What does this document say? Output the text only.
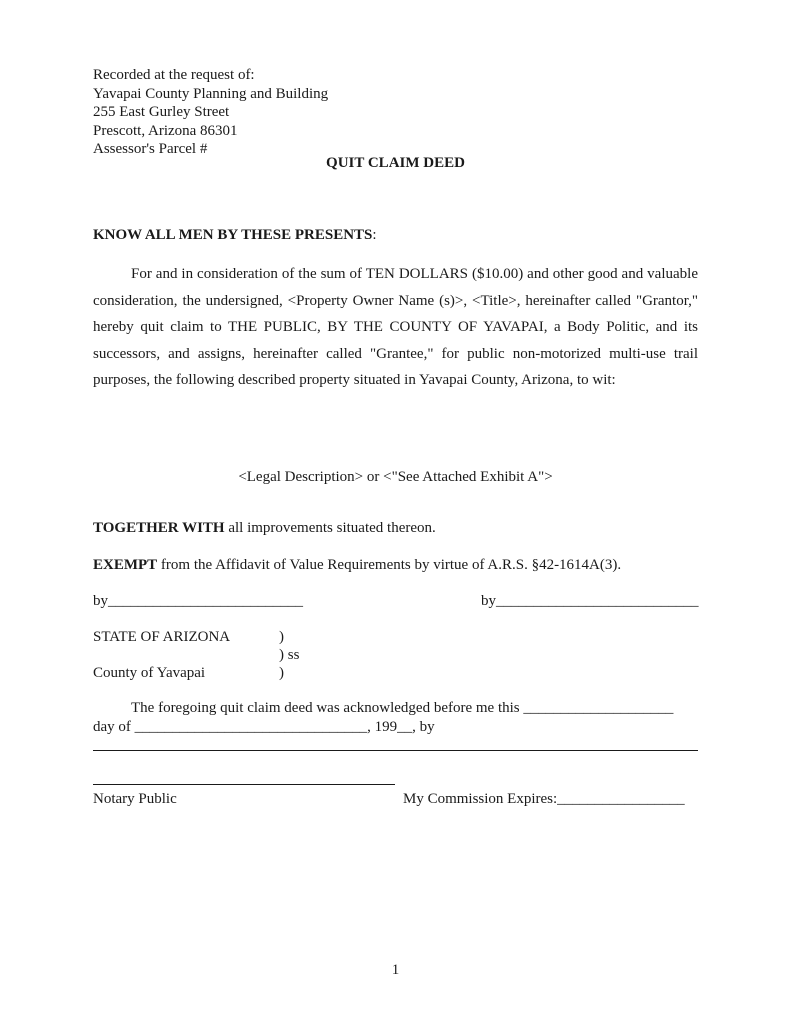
Recorded at the request of:
Yavapai County Planning and Building
255 East Gurley Street
Prescott, Arizona 86301
Assessor's Parcel #
QUIT CLAIM DEED
KNOW ALL MEN BY THESE PRESENTS:
For and in consideration of the sum of TEN DOLLARS ($10.00) and other good and valuable consideration, the undersigned, <Property Owner Name (s)>, <Title>, hereinafter called "Grantor," hereby quit claim to THE PUBLIC, BY THE COUNTY OF YAVAPAI, a Body Politic, and its successors, and assigns, hereinafter called "Grantee," for public non-motorized multi-use trail purposes, the following described property situated in Yavapai County, Arizona, to wit:
<Legal Description> or <"See Attached Exhibit A">
TOGETHER WITH all improvements situated thereon.
EXEMPT from the Affidavit of Value Requirements by virtue of A.R.S. §42-1614A(3).
by__________________________	by___________________________
STATE OF ARIZONA	)
) ss
County of Yavapai	)
The foregoing quit claim deed was acknowledged before me this ____________________
day of _______________________________, 199__, by
Notary Public	My Commission Expires:_________________
1
